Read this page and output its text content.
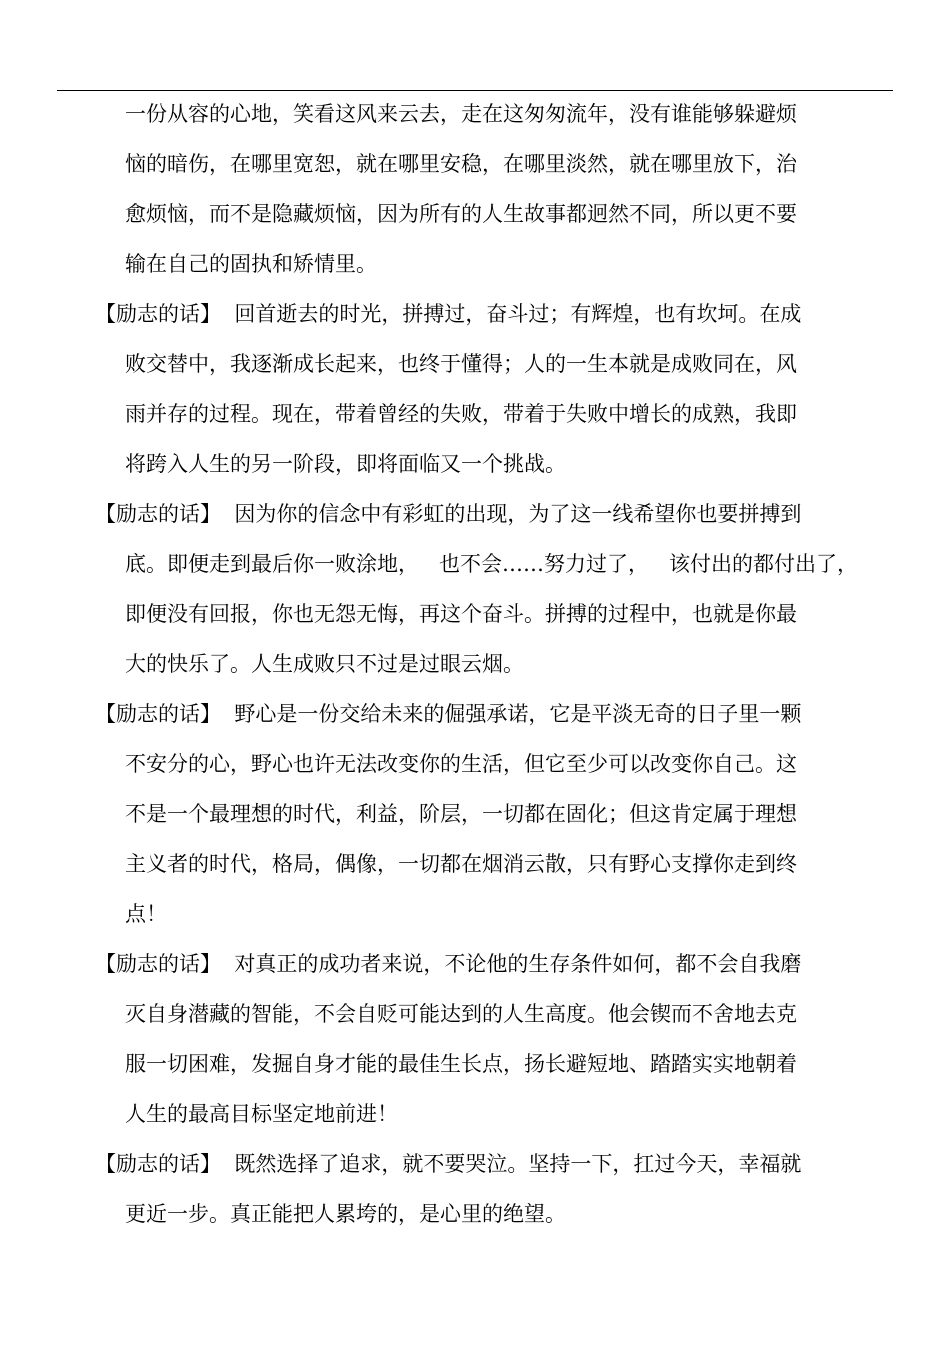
一份从容的心地，笑看这风来云去，走在这匆匆流年，没有谁能够躲避烦
恼的暗伤，在哪里宽恕，就在哪里安稳，在哪里淡然，就在哪里放下，治
愈烦恼，而不是隐藏烦恼，因为所有的人生故事都迥然不同，所以更不要
输在自己的固执和矫情里。
【励志的话】  回首逝去的时光，拼搏过，奋斗过；有辉煌，也有坎坷。在成
败交替中，我逐渐成长起来，也终于懂得；人的一生本就是成败同在，风
雨并存的过程。现在，带着曾经的失败，带着于失败中增长的成熟，我即
将跨入人生的另一阶段，即将面临又一个挑战。
【励志的话】  因为你的信念中有彩虹的出现，为了这一线希望你也要拼搏到
底。即便走到最后你一败涂地，   也不会……努力过了，   该付出的都付出了，
即便没有回报，你也无怨无悔，再这个奋斗。拼搏的过程中，也就是你最
大的快乐了。人生成败只不过是过眼云烟。
【励志的话】  野心是一份交给未来的倔强承诺，它是平淡无奇的日子里一颗
不安分的心，野心也许无法改变你的生活，但它至少可以改变你自己。这
不是一个最理想的时代，利益，阶层，一切都在固化；但这肯定属于理想
主义者的时代，格局，偶像，一切都在烟消云散，只有野心支撑你走到终
点！
【励志的话】  对真正的成功者来说，不论他的生存条件如何，都不会自我磨
灭自身潜藏的智能，不会自贬可能达到的人生高度。他会锲而不舍地去克
服一切困难，发掘自身才能的最佳生长点，扬长避短地、踏踏实实地朝着
人生的最高目标坚定地前进！
【励志的话】  既然选择了追求，就不要哭泣。坚持一下，扛过今天，幸福就
更近一步。真正能把人累垮的，是心里的绝望。
